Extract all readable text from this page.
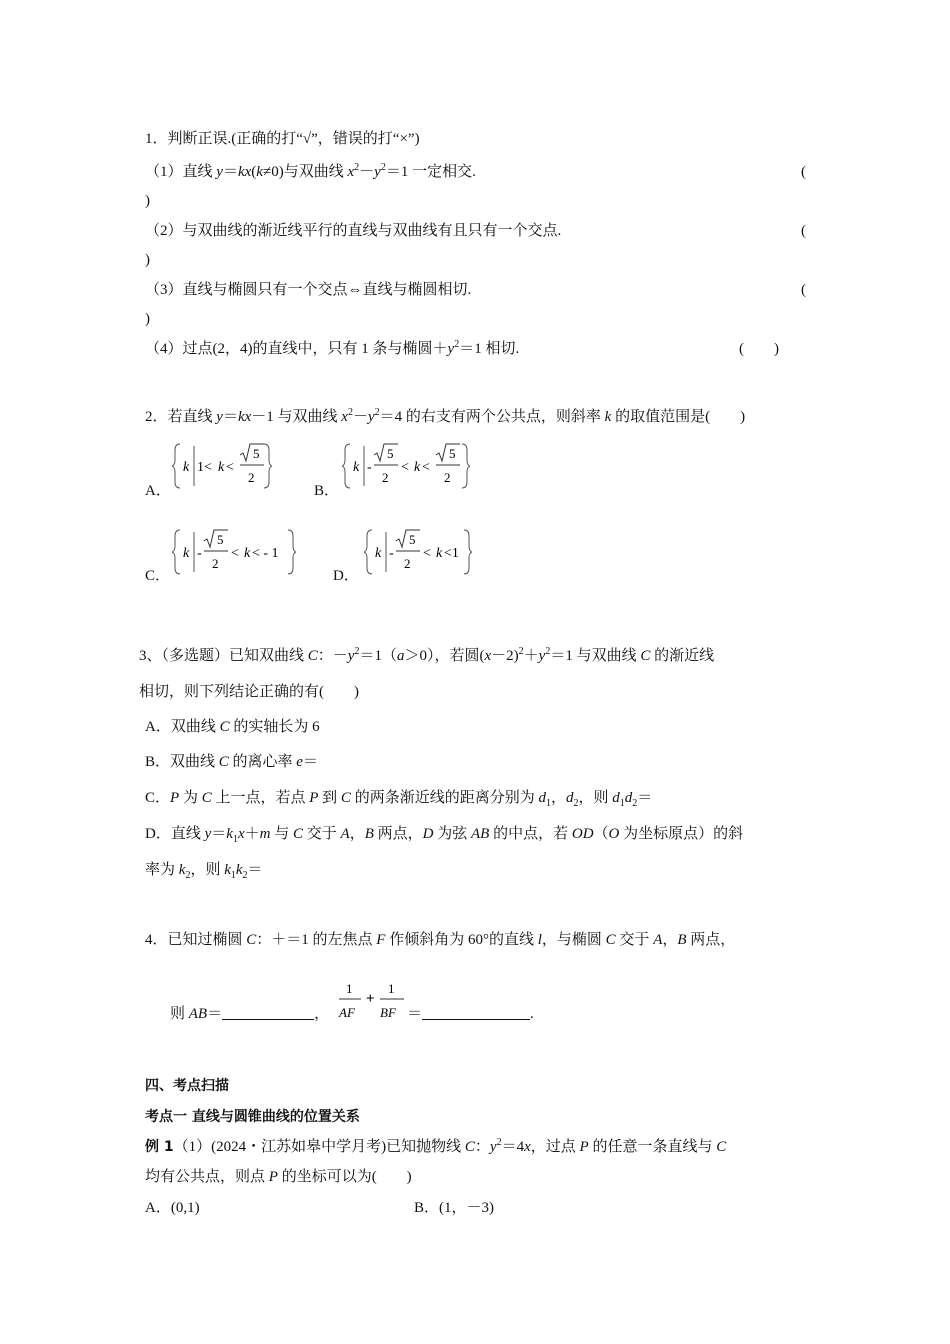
1．判断正误.(正确的打“√”，错误的打“×”)
（1）直线 y＝kx(k≠0)与双曲线 $x^2-y^2=1$ 一定相交.	(
)
（2）与双曲线的渐近线平行的直线与双曲线有且只有一个交点.	(
)
（3）直线与椭圆只有一个交点⇔直线与椭圆相切.	(
)
（4）过点(2，4)的直线中，只有 1 条与椭圆$+y^2=1$ 相切.	(　　)
2．若直线 y＝kx－1 与双曲线 $x^2-y^2=4$ 的右支有两个公共点，则斜率 k 的取值范围是(　　)
A．
k 1< k <
5
2
B．
k -
5
2
< k <
5
2
C．
k -
5
2
< k < - 1
D．
k -
5
2
< k <1
3、（多选题）已知双曲线 C：$-y^2=1(a>0)$，若圆$(x-2)^2+y^2=1$ 与双曲线 C 的渐近线
相切，则下列结论正确的有(　　)
A．双曲线 C 的实轴长为 6
B．双曲线 C 的离心率 e＝
C．P 为 C 上一点，若点 P 到 C 的两条渐近线的距离分别为 $d_1$，$d_2$，则 $d_1d_2=$
D．直线 $y=k_1x+m$ 与 C 交于 A，B 两点，D 为弦 AB 的中点，若 OD（O 为坐标原点）的斜
率为 $k_2$，则 $k_1k_2=$
4．已知过椭圆 C：＋＝1 的左焦点 F 作倾斜角为 60°的直线 l，与椭圆 C 交于 A，B 两点，
则 AB＝	，
1
AF
+
1
BF ＝	.
四、考点扫描
考点一 直线与圆锥曲线的位置关系
例 1（1）(2024・江苏如皋中学月考)已知抛物线 C：$y^2=4x$，过点 P 的任意一条直线与 C
均有公共点，则点 P 的坐标可以为(　　)
A．(0,1)	B．(1，－3)
